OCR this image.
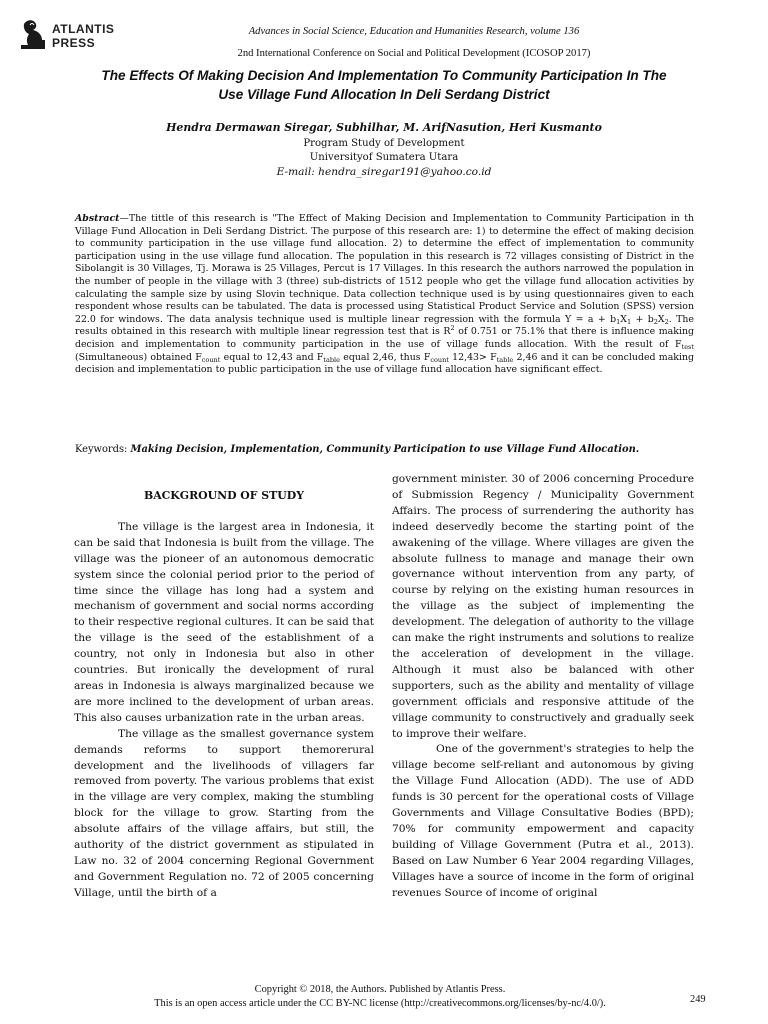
ATLANTIS
PRESS
Advances in Social Science, Education and Humanities Research, volume 136
2nd International Conference on Social and Political Development (ICOSOP 2017)
The Effects Of Making Decision And Implementation To Community Participation In The
Use Village Fund Allocation In Deli Serdang District
Hendra Dermawan Siregar, Subhilhar, M. ArifNasution, Heri Kusmanto
Program Study of Development
Universityof Sumatera Utara
E-mail: hendra_siregar191@yahoo.co.id
Abstract—The tittle of this research is "The Effect of Making Decision and Implementation to Community Participation in th Village Fund Allocation in Deli Serdang District. The purpose of this research are: 1) to determine the effect of making decision to community participation in the use village fund allocation. 2) to determine the effect of implementation to community participation using in the use village fund allocation. The population in this research is 72 villages consisting of District in the Sibolangit is 30 Villages, Tj. Morawa is 25 Villages, Percut is 17 Villages. In this research the authors narrowed the population in the number of people in the village with 3 (three) sub-districts of 1512 people who get the village fund allocation activities by calculating the sample size by using Slovin technique. Data collection technique used is by using questionnaires given to each respondent whose results can be tabulated. The data is processed using Statistical Product Service and Solution (SPSS) version 22.0 for windows. The data analysis technique used is multiple linear regression with the formula $Y = a + b_1X_1 + b_2X_2$. The results obtained in this research with multiple linear regression test that is $R^2$ of 0.751 or 75.1% that there is influence making decision and implementation to community participation in the use of village funds allocation. With the result of $F_{test}$ (Simultaneous) obtained $F_{count}$ equal to 12,43 and $F_{table}$ equal 2,46, thus $F_{count}$ $12,43> F_{table}$ 2,46 and it can be concluded making decision and implementation to public participation in the use of village fund allocation have significant effect.
Keywords: Making Decision, Implementation, Community Participation to use Village Fund Allocation.
BACKGROUND OF STUDY

The village is the largest area in Indonesia, it can be said that Indonesia is built from the village. The village was the pioneer of an autonomous democratic system since the colonial period prior to the period of time since the village has long had a system and mechanism of government and social norms according to their respective regional cultures. It can be said that the village is the seed of the establishment of a country, not only in Indonesia but also in other countries. But ironically the development of rural areas in Indonesia is always marginalized because we are more inclined to the development of urban areas. This also causes urbanization rate in the urban areas.

The village as the smallest governance system demands reforms to support themorerural development and the livelihoods of villagers far removed from poverty. The various problems that exist in the village are very complex, making the stumbling block for the village to grow. Starting from the absolute affairs of the village affairs, but still, the authority of the district government as stipulated in Law no. 32 of 2004 concerning Regional Government and Government Regulation no. 72 of 2005 concerning Village, until the birth of a

government minister. 30 of 2006 concerning Procedure of Submission Regency / Municipality Government Affairs. The process of surrendering the authority has indeed deservedly become the starting point of the awakening of the village. Where villages are given the absolute fullness to manage and manage their own governance without intervention from any party, of course by relying on the existing human resources in the village as the subject of implementing the development. The delegation of authority to the village can make the right instruments and solutions to realize the acceleration of development in the village. Although it must also be balanced with other supporters, such as the ability and mentality of village government officials and responsive attitude of the village community to constructively and gradually seek to improve their welfare.

One of the government's strategies to help the village become self-reliant and autonomous by giving the Village Fund Allocation (ADD). The use of ADD funds is 30 percent for the operational costs of Village Governments and Village Consultative Bodies (BPD); 70% for community empowerment and capacity building of Village Government (Putra et al., 2013). Based on Law Number 6 Year 2004 regarding Villages, Villages have a source of income in the form of original revenues Source of income of original

Copyright © 2018, the Authors. Published by Atlantis Press.
This is an open access article under the CC BY-NC license (http://creativecommons.org/licenses/by-nc/4.0/).	249
